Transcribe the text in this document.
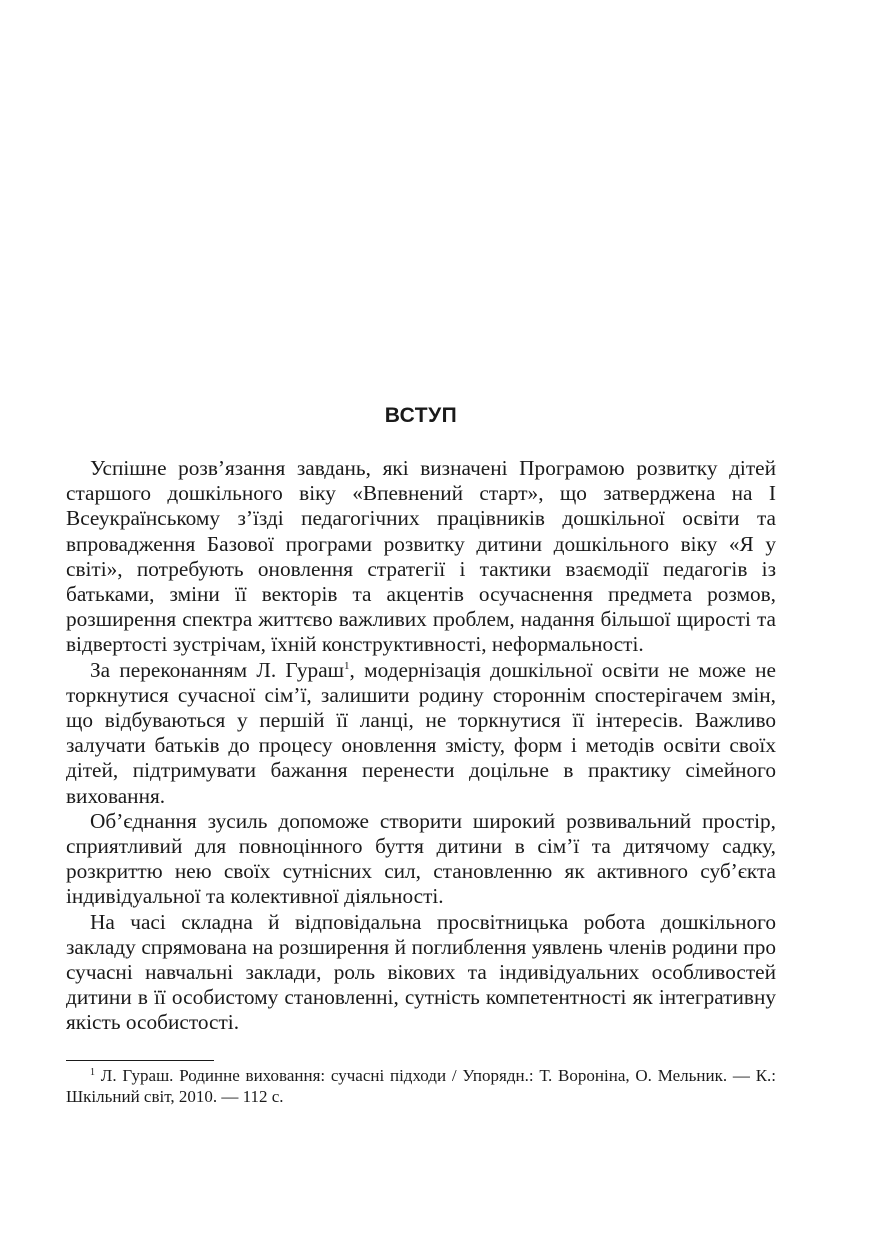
ВСТУП

Успішне розв’язання завдань, які визначені Програмою розвитку дітей старшого дошкільного віку «Впевнений старт», що затверджена на І Всеукраїнському з’їзді педагогічних працівників дошкільної освіти та впровадження Базової програми розвитку дитини дошкільного віку «Я у світі», потребують оновлення стратегії і тактики взаємодії педагогів із батьками, зміни її векторів та акцентів осучаснення предмета розмов, розширення спектра життєво важливих проблем, надання більшої щирості та відвертості зустрічам, їхній конструктивності, неформальності.

За переконанням Л. Гураш$^1$, модернізація дошкільної освіти не може не торкнутися сучасної сім’ї, залишити родину стороннім спостерігачем змін, що відбуваються у першій її ланці, не торкнутися її інтересів. Важливо залучати батьків до процесу оновлення змісту, форм і методів освіти своїх дітей, підтримувати бажання перенести доцільне в практику сімейного виховання.

Об’єднання зусиль допоможе створити широкий розвивальний простір, сприятливий для повноцінного буття дитини в сім’ї та дитячому садку, розкриттю нею своїх сутнісних сил, становленню як активного суб’єкта індивідуальної та колективної діяльності.

На часі складна й відповідальна просвітницька робота дошкільного закладу спрямована на розширення й поглиблення уявлень членів родини про сучасні навчальні заклади, роль вікових та індивідуальних особливостей дитини в її особистому становленні, сутність компетентності як інтегративну якість особистості.

$^1$ Л. Гураш. Родинне виховання: сучасні підходи / Упорядн.: Т. Вороніна, О. Мельник. — К.: Шкільний світ, 2010. — 112 с.
